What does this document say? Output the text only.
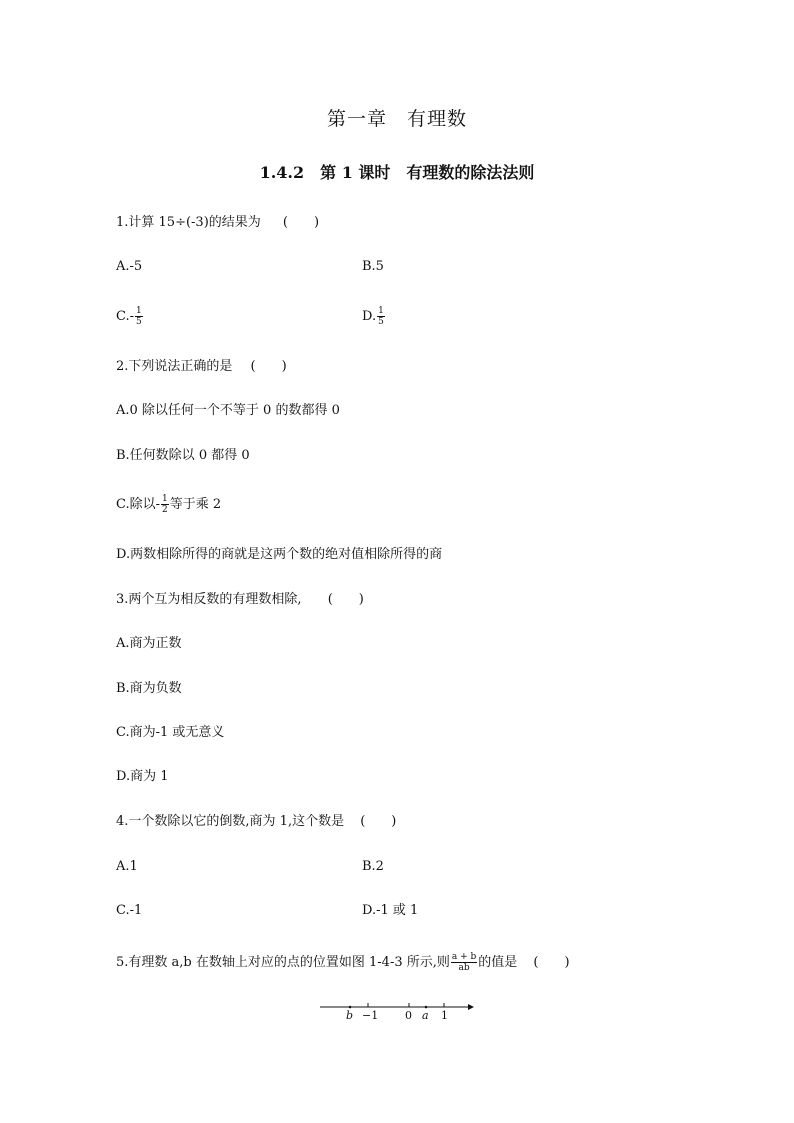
第一章　有理数
1.4.2　第 1 课时　有理数的除法法则
1.计算 15÷(-3)的结果为 (　　)
A.-5	B.5
$C.- \frac{1}{5}$	D. $\frac{1}{5}$
2.下列说法正确的是 (　　)
A.0 除以任何一个不等于 0 的数都得 0
B.任何数除以 0 都得 0
C.除以- $\frac{1}{2}$ 等于乘 2
D.两数相除所得的商就是这两个数的绝对值相除所得的商
3.两个互为相反数的有理数相除, (　　)
A.商为正数
B.商为负数
C.商为-1 或无意义
D.商为 1
4.一个数除以它的倒数,商为 1,这个数是 (　　)
A.1	B.2
C.-1	D.-1 或 1
5.有理数 a,b 在数轴上对应的点的位置如图 1-4-3 所示,则 $\frac{a + b}{ab}$ 的值是 (　　)
b −1 0 a 1
